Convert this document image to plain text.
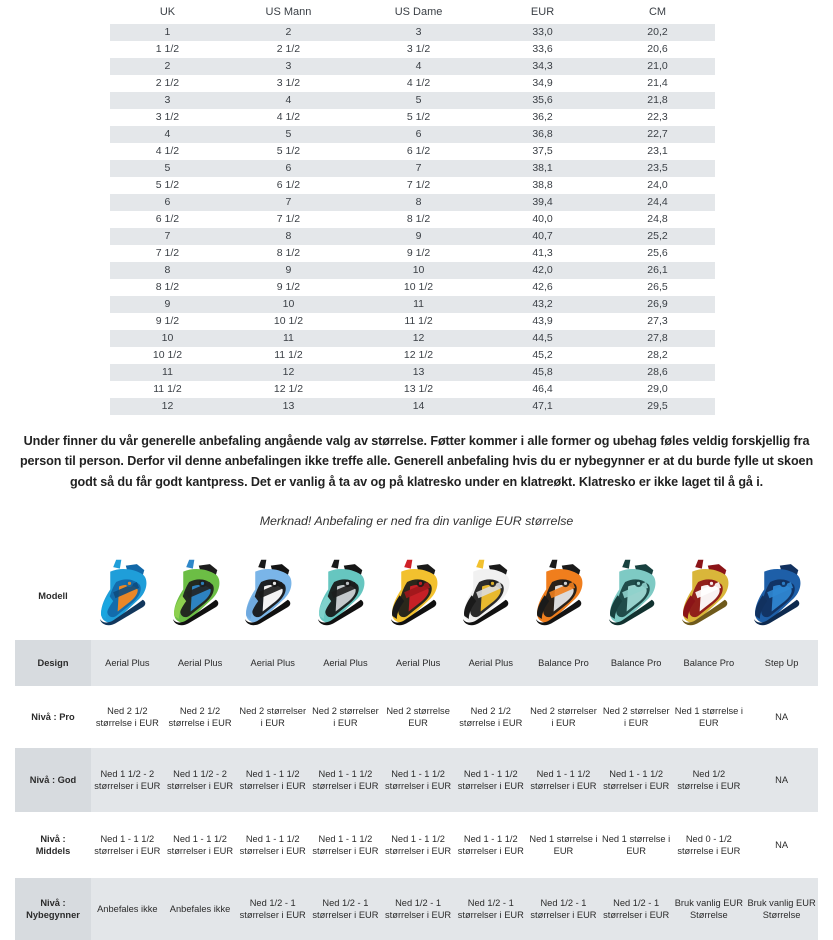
UK	US Mann	US Dame	EUR	CM
1	2	3	33,0	20,2
1 1/2	2 1/2	3 1/2	33,6	20,6
2	3	4	34,3	21,0
2 1/2	3 1/2	4 1/2	34,9	21,4
3	4	5	35,6	21,8
3 1/2	4 1/2	5 1/2	36,2	22,3
4	5	6	36,8	22,7
4 1/2	5 1/2	6 1/2	37,5	23,1
5	6	7	38,1	23,5
5 1/2	6 1/2	7 1/2	38,8	24,0
6	7	8	39,4	24,4
6 1/2	7 1/2	8 1/2	40,0	24,8
7	8	9	40,7	25,2
7 1/2	8 1/2	9 1/2	41,3	25,6
8	9	10	42,0	26,1
8 1/2	9 1/2	10 1/2	42,6	26,5
9	10	11	43,2	26,9
9 1/2	10 1/2	11 1/2	43,9	27,3
10	11	12	44,5	27,8
10 1/2	11 1/2	12 1/2	45,2	28,2
11	12	13	45,8	28,6
11 1/2	12 1/2	13 1/2	46,4	29,0
12	13	14	47,1	29,5
Under finner du vår generelle anbefaling angående valg av størrelse. Føtter kommer i alle former og ubehag føles veldig forskjellig fra person til person. Derfor vil denne anbefalingen ikke treffe alle. Generell anbefaling hvis du er nybegynner er at du burde fylle ut skoen godt så du får godt kantpress. Det er vanlig å ta av og på klatresko under en klatreøkt. Klatresko er ikke laget til å gå i.
Merknad! Anbefaling er ned fra din vanlige EUR størrelse
Modell	

Design	Aerial Plus	Aerial Plus	Aerial Plus	Aerial Plus	Aerial Plus	Aerial Plus	Balance Pro	Balance Pro	Balance Pro	Step Up

Nivå : Pro	Ned 2 1/2 størrelse i EUR	Ned 2 1/2 størrelse i EUR	Ned 2 størrelser i EUR	Ned 2 størrelser i EUR	Ned 2 størrelse EUR	Ned 2 1/2 størrelse i EUR	Ned 2 størrelser i EUR	Ned 2 størrelser i EUR	Ned 1 størrelse i EUR	NA

Nivå : God	Ned 1 1/2 - 2 størrelser i EUR	Ned 1 1/2 - 2 størrelser i EUR	Ned 1 - 1 1/2 størrelser i EUR	Ned 1 - 1 1/2 størrelser i EUR	Ned 1 - 1 1/2 størrelser i EUR	Ned 1 - 1 1/2 størrelser i EUR	Ned 1 - 1 1/2 størrelser i EUR	Ned 1 - 1 1/2 størrelser i EUR	Ned 1/2 størrelse i EUR	NA

Nivå :
Middels	Ned 1 - 1 1/2 størrelser i EUR	Ned 1 - 1 1/2 størrelser i EUR	Ned 1 - 1 1/2 størrelser i EUR	Ned 1 - 1 1/2 størrelser i EUR	Ned 1 - 1 1/2 størrelser i EUR	Ned 1 - 1 1/2 størrelser i EUR	Ned 1 størrelse i EUR	Ned 1 størrelse i EUR	Ned 0 - 1/2 størrelse i EUR	NA

Nivå :
Nybegynner	Anbefales ikke	Anbefales ikke	Ned 1/2 - 1 størrelser i EUR	Ned 1/2 - 1 størrelser i EUR	Ned 1/2 - 1 størrelser i EUR	Ned 1/2 - 1 størrelser i EUR	Ned 1/2 - 1 størrelser i EUR	Ned 1/2 - 1 størrelser i EUR	Bruk vanlig EUR Størrelse	Bruk vanlig EUR Størrelse
